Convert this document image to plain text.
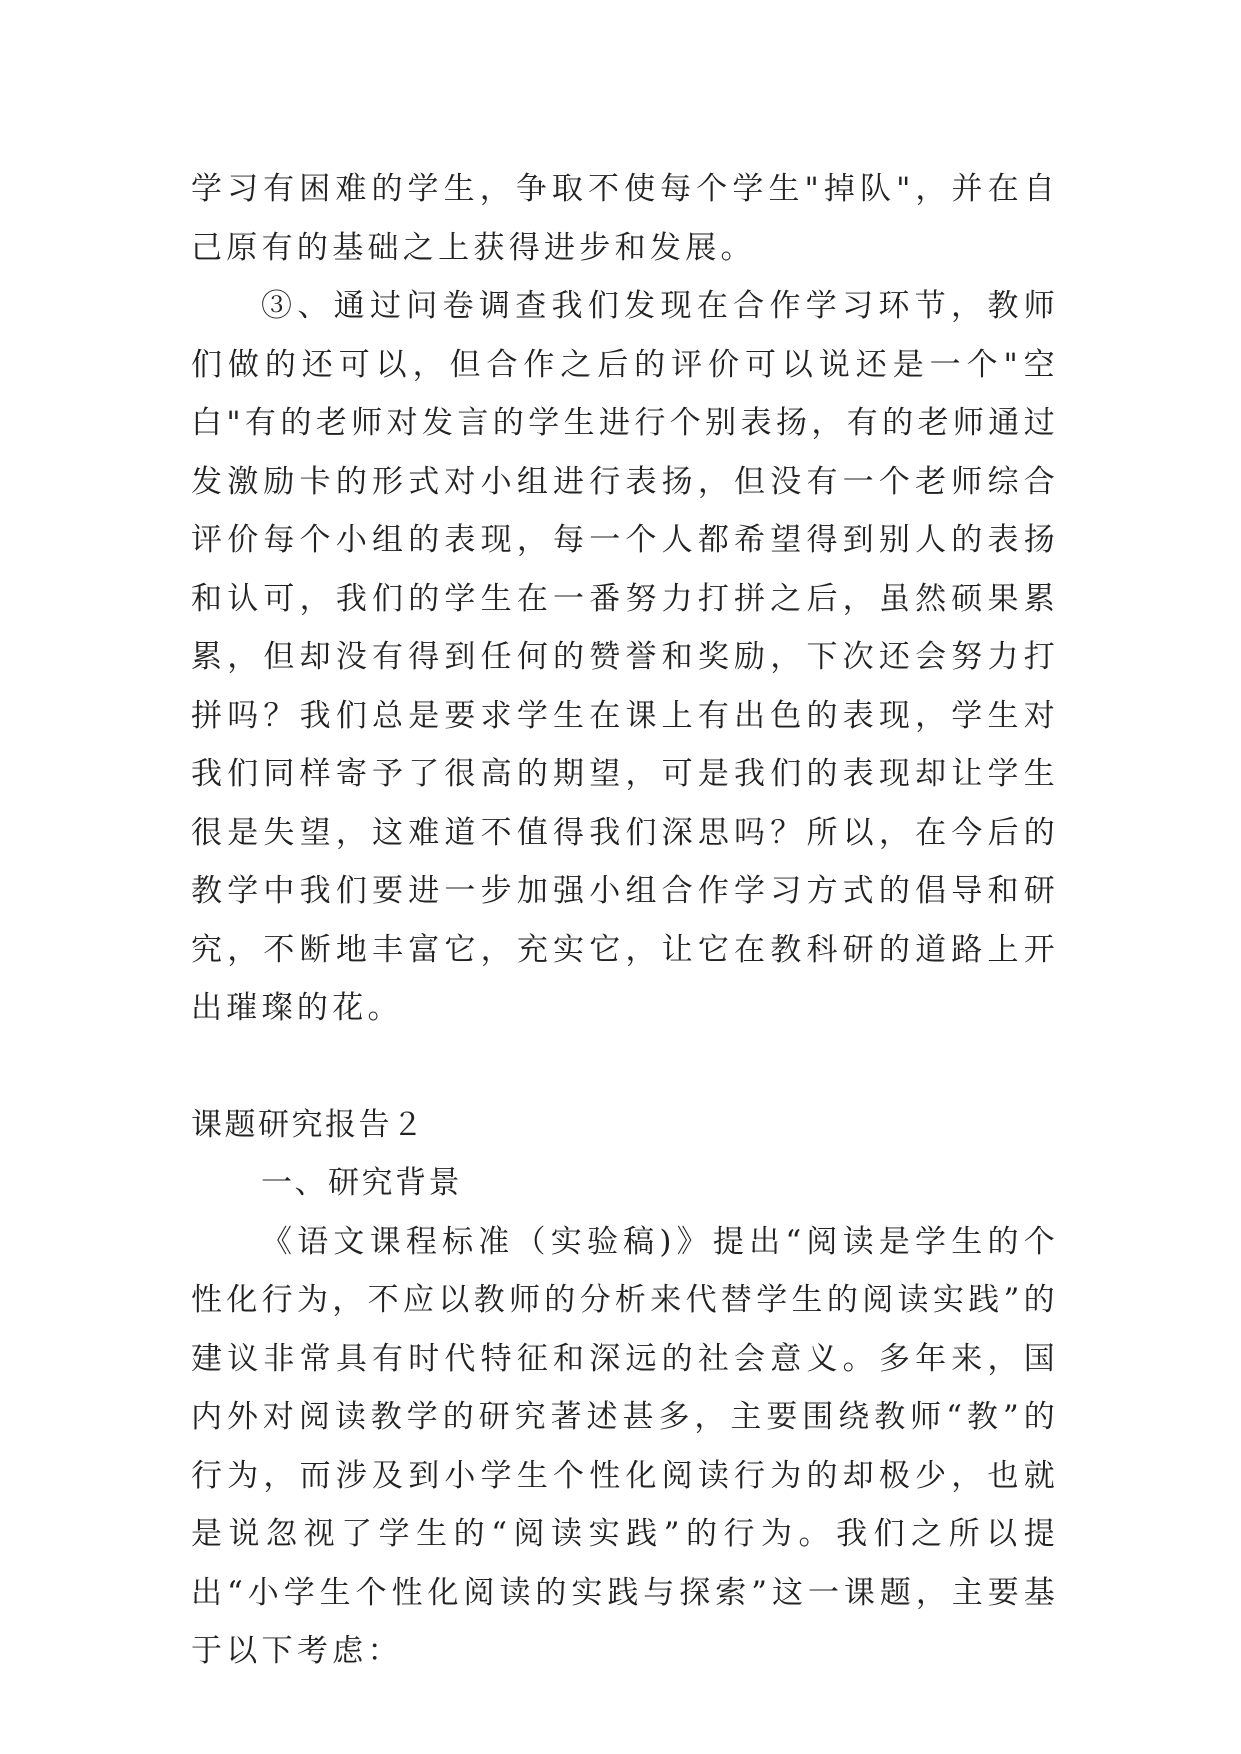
学习有困难的学生，争取不使每个学生"掉队"，并在自己原有的基础之上获得进步和发展。

③、通过问卷调查我们发现在合作学习环节，教师们做的还可以，但合作之后的评价可以说还是一个"空白"有的老师对发言的学生进行个别表扬，有的老师通过发激励卡的形式对小组进行表扬，但没有一个老师综合评价每个小组的表现，每一个人都希望得到别人的表扬和认可，我们的学生在一番努力打拼之后，虽然硕果累累，但却没有得到任何的赞誉和奖励，下次还会努力打拼吗？我们总是要求学生在课上有出色的表现，学生对我们同样寄予了很高的期望，可是我们的表现却让学生很是失望，这难道不值得我们深思吗？所以，在今后的教学中我们要进一步加强小组合作学习方式的倡导和研究，不断地丰富它，充实它，让它在教科研的道路上开出璀璨的花。

课题研究报告２

一、研究背景

《语文课程标准（实验稿)》提出“阅读是学生的个性化行为，不应以教师的分析来代替学生的阅读实践”的建议非常具有时代特征和深远的社会意义。多年来，国内外对阅读教学的研究著述甚多，主要围绕教师“教”的行为，而涉及到小学生个性化阅读行为的却极少，也就是说忽视了学生的“阅读实践”的行为。我们之所以提出“小学生个性化阅读的实践与探索”这一课题，主要基于以下考虑：
